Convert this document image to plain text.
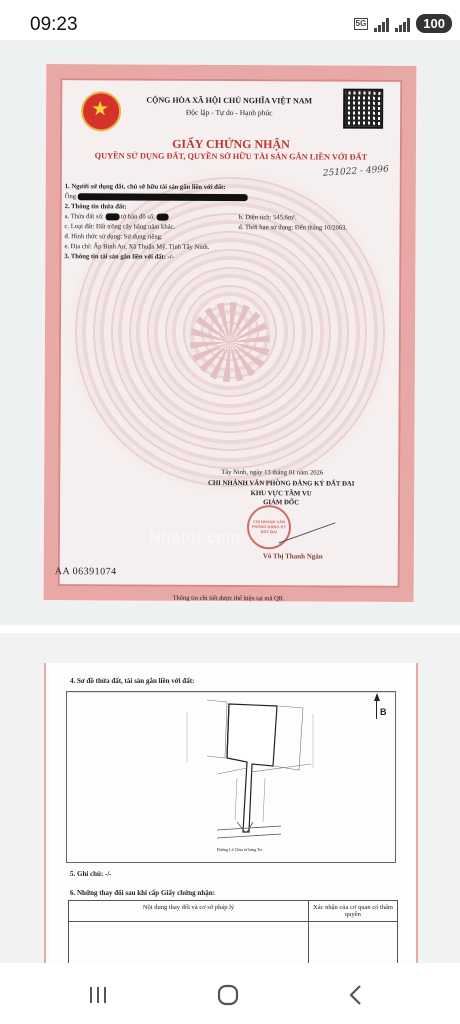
09:23	5G	100
★	CỘNG HÒA XÃ HỘI CHỦ NGHĨA VIỆT NAM
Độc lập - Tự do - Hạnh phúc
GIẤY CHỨNG NHẬN
QUYỀN SỬ DỤNG ĐẤT, QUYỀN SỞ HỮU TÀI SẢN GẮN LIỀN VỚI ĐẤT
251022 - 4996
1. Người sử dụng đất, chủ sở hữu tài sản gắn liền với đất:
Ông
2. Thông tin thửa đất:
a. Thửa đất số:	tờ bản đồ số:	b. Diện tích: 545,6m².
c. Loại đất: Đất trồng cây hằng năm khác.	d. Thời hạn sử dụng: Đến tháng 10/2063.
đ. Hình thức sử dụng: Sử dụng riêng.
e. Địa chỉ: Ấp Bình An, Xã Thuận Mỹ, Tỉnh Tây Ninh.
3. Thông tin tài sản gắn liền với đất: -/-
Tây Ninh, ngày 13 tháng 01 năm 2026
CHI NHÁNH VĂN PHÒNG ĐĂNG KÝ ĐẤT ĐAI
KHU VỰC TẦM VU
GIÁM ĐỐC
CHI NHÁNH VĂN PHÒNG ĐĂNG KÝ ĐẤT ĐAI
Nhatot.com
Võ Thị Thanh Ngân
AA 06391074
Thông tin chi tiết được thể hiện tại mã QR.
4. Sơ đồ thửa đất, tài sản gắn liền với đất:
Đường Lộ Chùa từ bảng Tre
B
5. Ghi chú: -/-
6. Những thay đổi sau khi cấp Giấy chứng nhận:
Nội dung thay đổi và cơ sở pháp lý	Xác nhận của cơ quan có thẩm quyền
